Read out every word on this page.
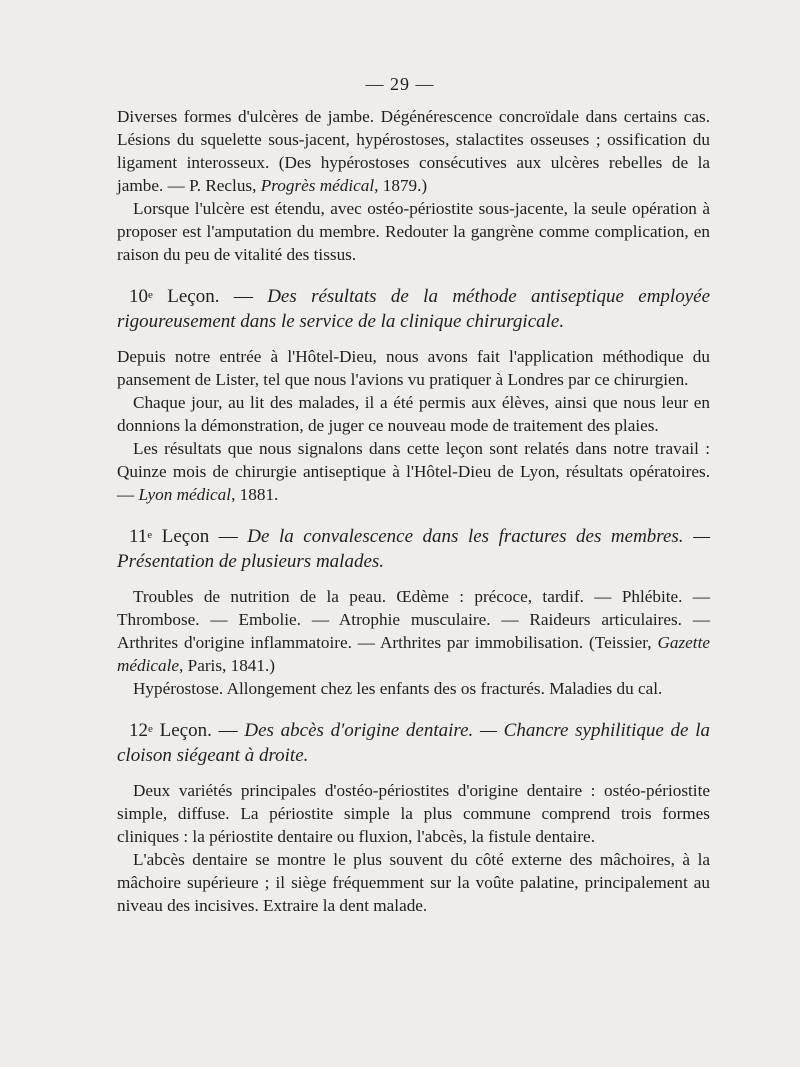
— 29 —

Diverses formes d'ulcères de jambe. Dégénérescence concroïdale dans certains cas. Lésions du squelette sous-jacent, hypérostoses, stalactites osseuses ; ossification du ligament interosseux. (Des hypérostoses consécutives aux ulcères rebelles de la jambe. — P. Reclus, Progrès médical, 1879.)

Lorsque l'ulcère est étendu, avec ostéo-périostite sous-jacente, la seule opération à proposer est l'amputation du membre. Redouter la gangrène comme complication, en raison du peu de vitalité des tissus.

10e Leçon. — Des résultats de la méthode antiseptique employée rigoureusement dans le service de la clinique chirurgicale.

Depuis notre entrée à l'Hôtel-Dieu, nous avons fait l'application méthodique du pansement de Lister, tel que nous l'avions vu pratiquer à Londres par ce chirurgien.

Chaque jour, au lit des malades, il a été permis aux élèves, ainsi que nous leur en donnions la démonstration, de juger ce nouveau mode de traitement des plaies.

Les résultats que nous signalons dans cette leçon sont relatés dans notre travail : Quinze mois de chirurgie antiseptique à l'Hôtel-Dieu de Lyon, résultats opératoires. — Lyon médical, 1881.

11e Leçon — De la convalescence dans les fractures des membres. — Présentation de plusieurs malades.

Troubles de nutrition de la peau. Œdème : précoce, tardif. — Phlébite. — Thrombose. — Embolie. — Atrophie musculaire. — Raideurs articulaires. — Arthrites d'origine inflammatoire. — Arthrites par immobilisation. (Teissier, Gazette médicale, Paris, 1841.)

Hypérostose. Allongement chez les enfants des os fracturés. Maladies du cal.

12e Leçon. — Des abcès d'origine dentaire. — Chancre syphilitique de la cloison siégeant à droite.

Deux variétés principales d'ostéo-périostites d'origine dentaire : ostéo-périostite simple, diffuse. La périostite simple la plus commune comprend trois formes cliniques : la périostite dentaire ou fluxion, l'abcès, la fistule dentaire.

L'abcès dentaire se montre le plus souvent du côté externe des mâchoires, à la mâchoire supérieure ; il siège fréquemment sur la voûte palatine, principalement au niveau des incisives. Extraire la dent malade.
